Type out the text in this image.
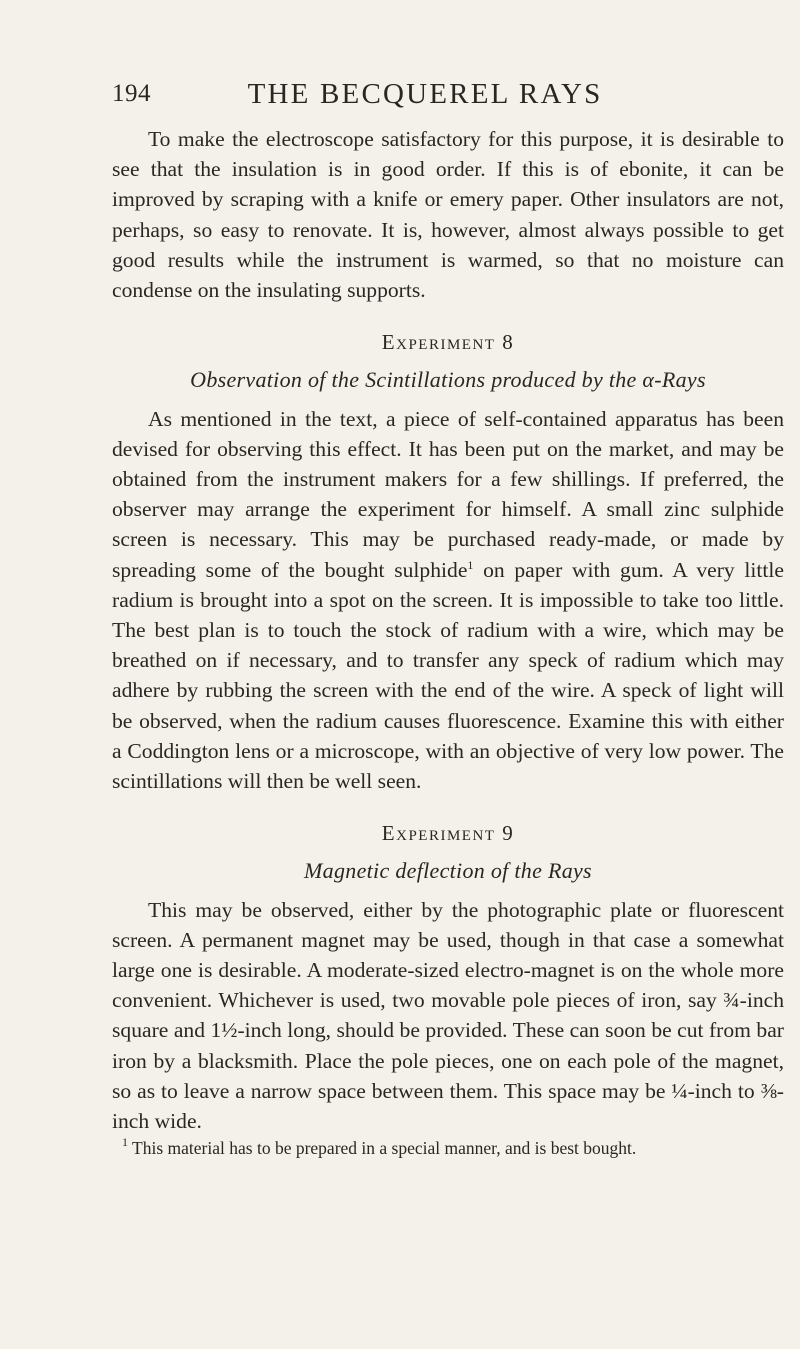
194	THE BECQUEREL RAYS

To make the electroscope satisfactory for this purpose, it is desirable to see that the insulation is in good order. If this is of ebonite, it can be improved by scraping with a knife or emery paper. Other insulators are not, perhaps, so easy to renovate. It is, however, almost always possible to get good results while the instrument is warmed, so that no moisture can condense on the insulating supports.

Experiment 8
Observation of the Scintillations produced by the α-Rays

As mentioned in the text, a piece of self-contained apparatus has been devised for observing this effect. It has been put on the market, and may be obtained from the instrument makers for a few shillings. If preferred, the observer may arrange the experiment for himself. A small zinc sulphide screen is necessary. This may be purchased ready-made, or made by spreading some of the bought sulphide$^1$ on paper with gum. A very little radium is brought into a spot on the screen. It is impossible to take too little. The best plan is to touch the stock of radium with a wire, which may be breathed on if necessary, and to transfer any speck of radium which may adhere by rubbing the screen with the end of the wire. A speck of light will be observed, when the radium causes fluorescence. Examine this with either a Coddington lens or a microscope, with an objective of very low power. The scintillations will then be well seen.

Experiment 9
Magnetic deflection of the Rays

This may be observed, either by the photographic plate or fluorescent screen. A permanent magnet may be used, though in that case a somewhat large one is desirable. A moderate-sized electro-magnet is on the whole more convenient. Whichever is used, two movable pole pieces of iron, say ¾-inch square and 1½-inch long, should be provided. These can soon be cut from bar iron by a blacksmith. Place the pole pieces, one on each pole of the magnet, so as to leave a narrow space between them. This space may be ¼-inch to ⅜-inch wide.

$^1$ This material has to be prepared in a special manner, and is best bought.
